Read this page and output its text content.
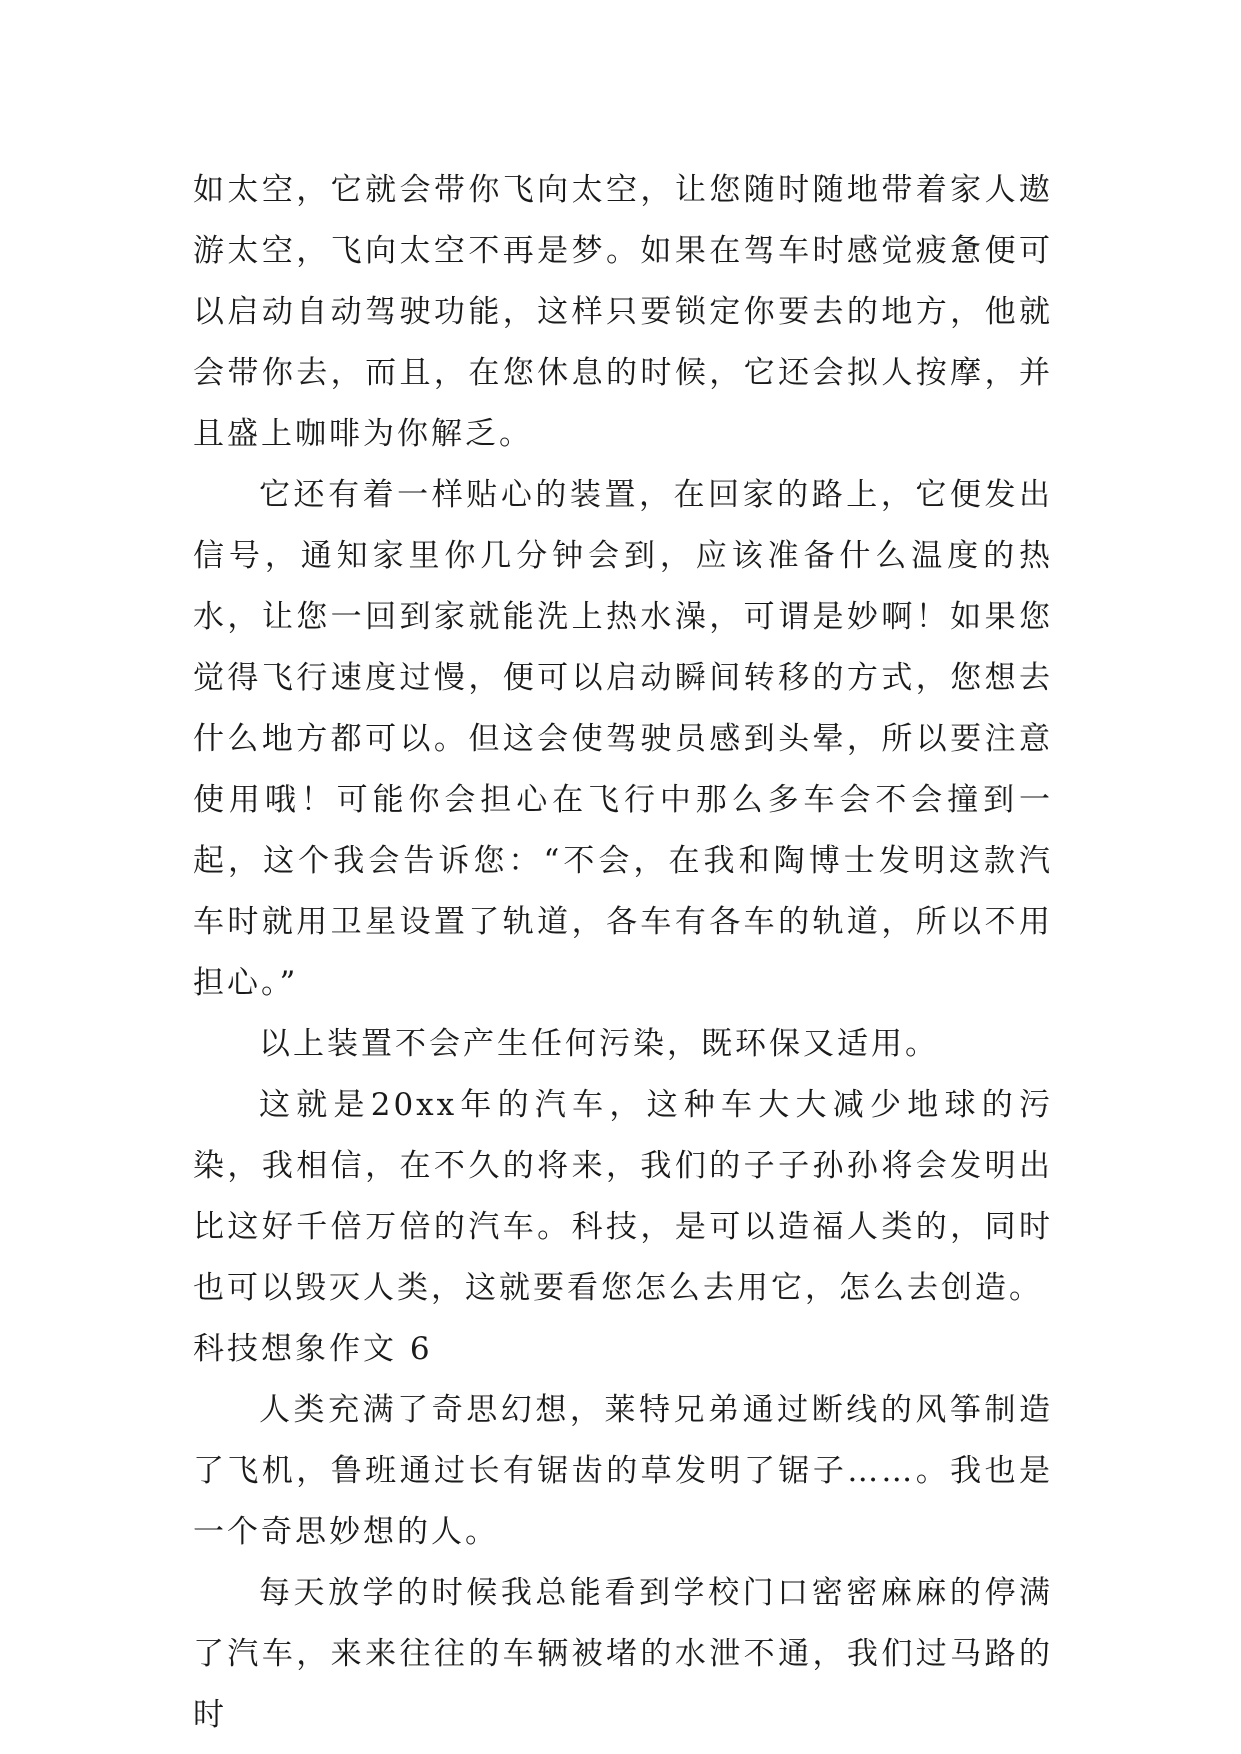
如太空，它就会带你飞向太空，让您随时随地带着家人遨游太空，飞向太空不再是梦。如果在驾车时感觉疲惫便可以启动自动驾驶功能，这样只要锁定你要去的地方，他就会带你去，而且，在您休息的时候，它还会拟人按摩，并且盛上咖啡为你解乏。

它还有着一样贴心的装置，在回家的路上，它便发出信号，通知家里你几分钟会到，应该准备什么温度的热水，让您一回到家就能洗上热水澡，可谓是妙啊！如果您觉得飞行速度过慢，便可以启动瞬间转移的方式，您想去什么地方都可以。但这会使驾驶员感到头晕，所以要注意使用哦！可能你会担心在飞行中那么多车会不会撞到一起，这个我会告诉您：“不会，在我和陶博士发明这款汽车时就用卫星设置了轨道，各车有各车的轨道，所以不用担心。”

以上装置不会产生任何污染，既环保又适用。

这就是20xx年的汽车，这种车大大减少地球的污染，我相信，在不久的将来，我们的子子孙孙将会发明出比这好千倍万倍的汽车。科技，是可以造福人类的，同时也可以毁灭人类，这就要看您怎么去用它，怎么去创造。

科技想象作文 6

人类充满了奇思幻想，莱特兄弟通过断线的风筝制造了飞机，鲁班通过长有锯齿的草发明了锯子……。我也是一个奇思妙想的人。

每天放学的时候我总能看到学校门口密密麻麻的停满了汽车，来来往往的车辆被堵的水泄不通，我们过马路的时
